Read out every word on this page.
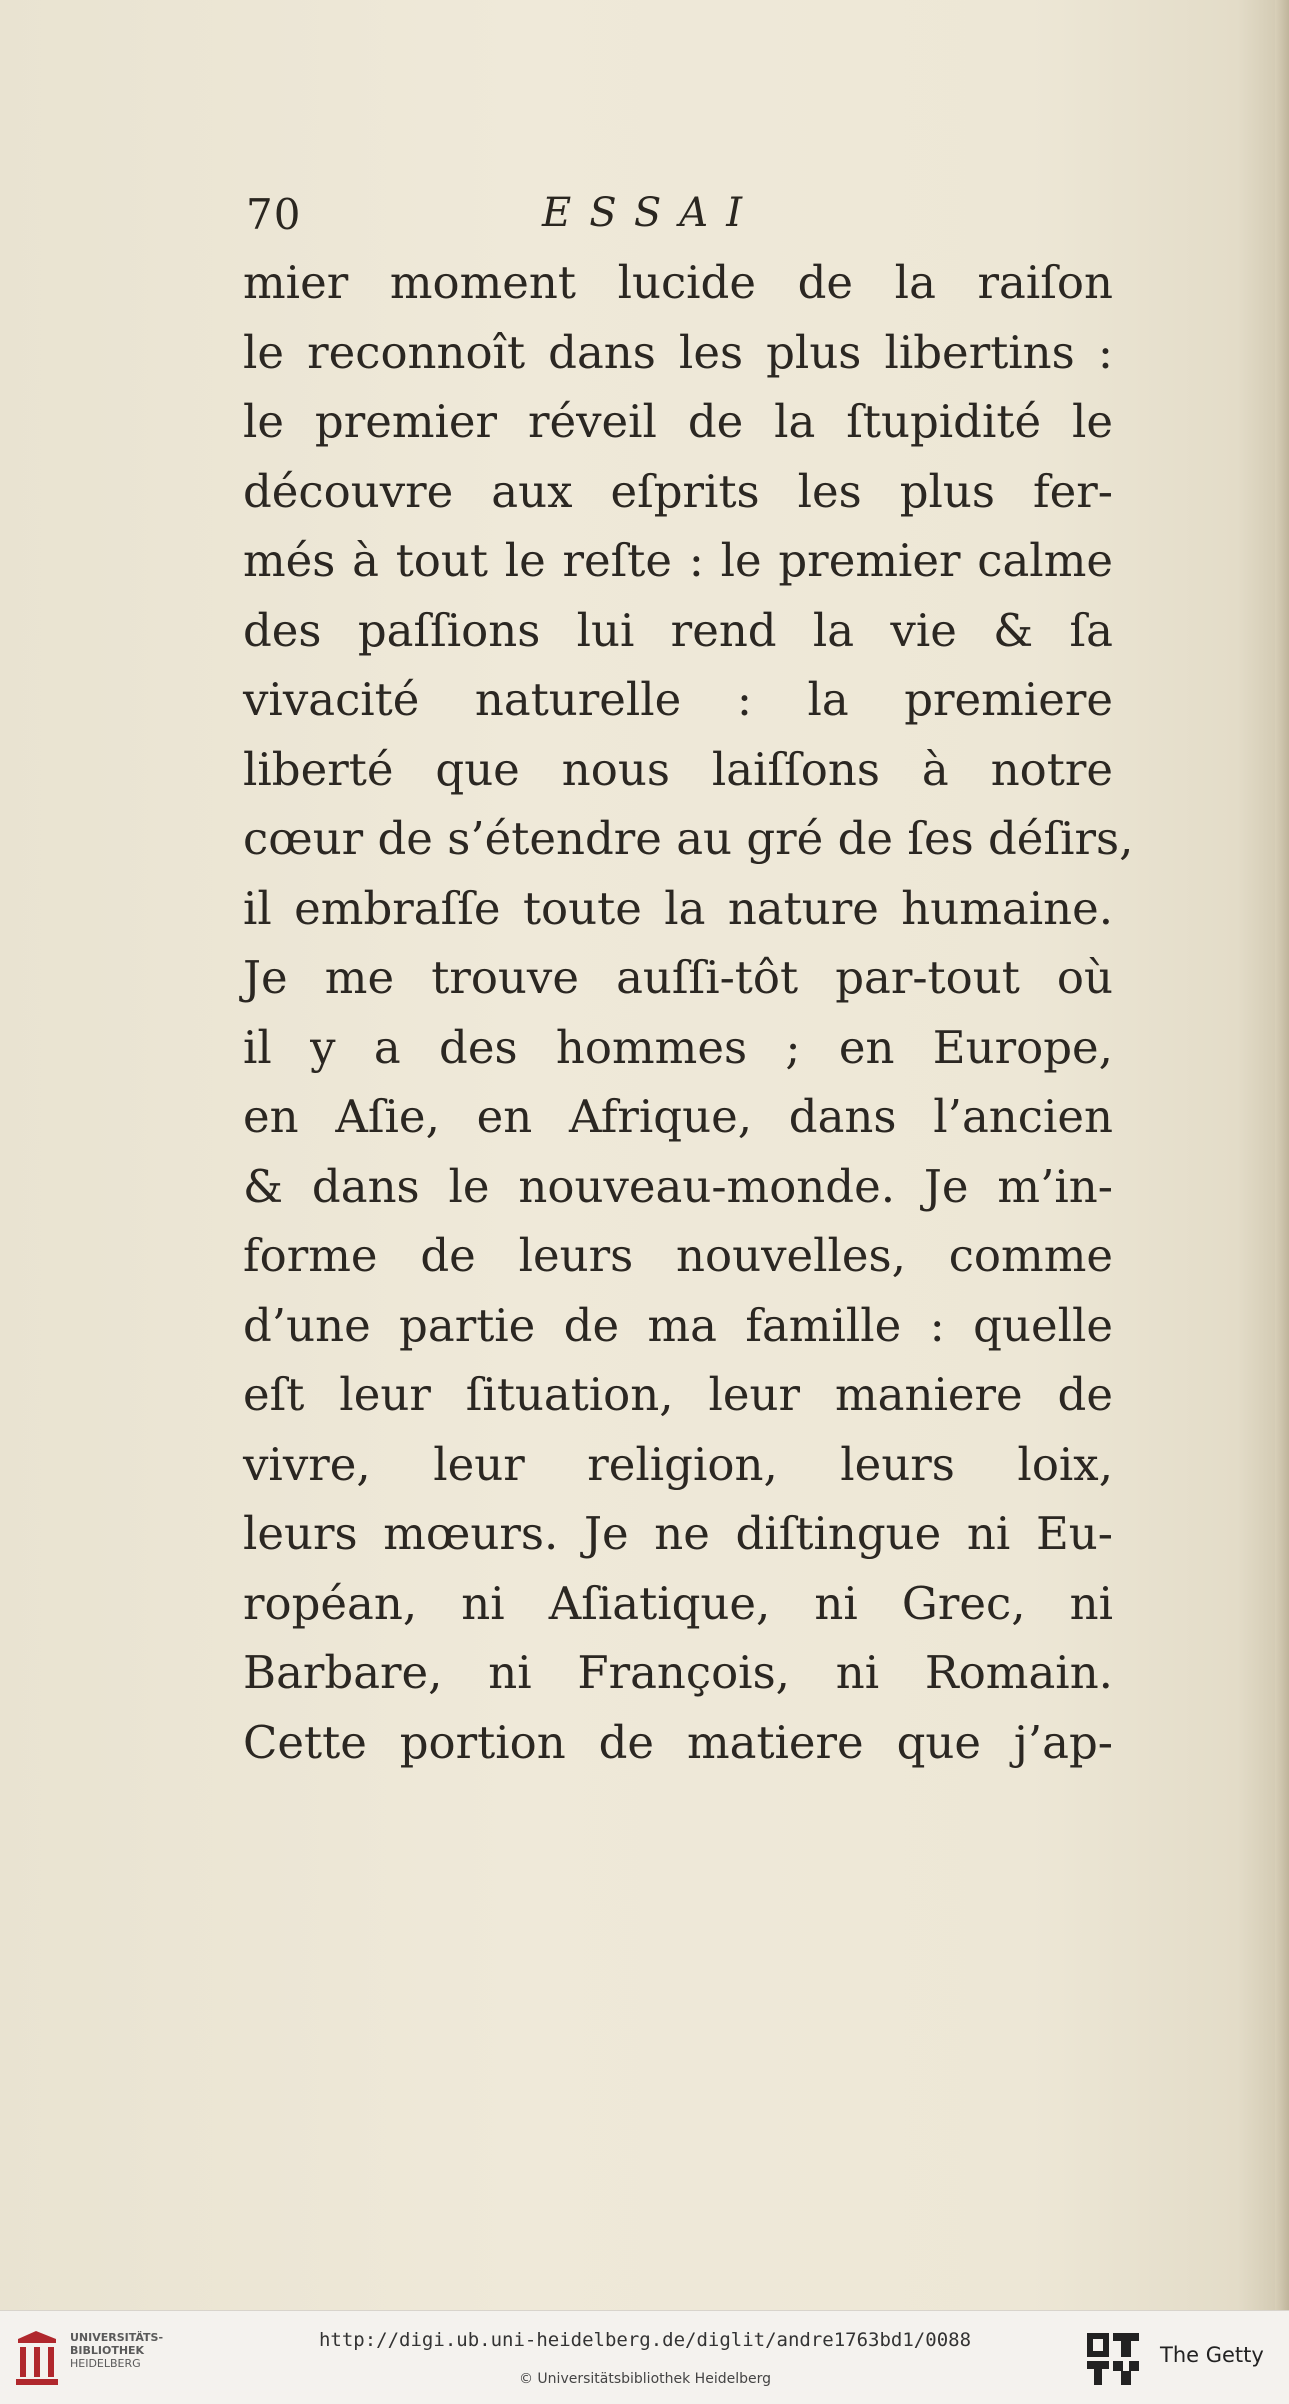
70	ESSAI
mier moment lucide de la raiſon
le reconnoît dans les plus libertins :
le premier réveil de la ſtupidité le
découvre aux eſprits les plus fer-
més à tout le reſte : le premier calme
des paſſions lui rend la vie & ſa
vivacité naturelle : la premiere
liberté que nous laiſſons à notre
cœur de s’étendre au gré de ſes déſirs,
il embraſſe toute la nature humaine.
Je me trouve auſſi-tôt par-tout où
il y a des hommes ; en Europe,
en Aſie, en Afrique, dans l’ancien
& dans le nouveau-monde. Je m’in-
forme de leurs nouvelles, comme
d’une partie de ma famille : quelle
eſt leur ſituation, leur maniere de
vivre, leur religion, leurs loix,
leurs mœurs. Je ne diſtingue ni Eu-
ropéan, ni Aſiatique, ni Grec, ni
Barbare, ni François, ni Romain.
Cette portion de matiere que j’ap-
UNIVERSITÄTS-
BIBLIOTHEK
HEIDELBERG
http://digi.ub.uni-heidelberg.de/diglit/andre1763bd1/0088
© Universitätsbibliothek Heidelberg
The Getty
